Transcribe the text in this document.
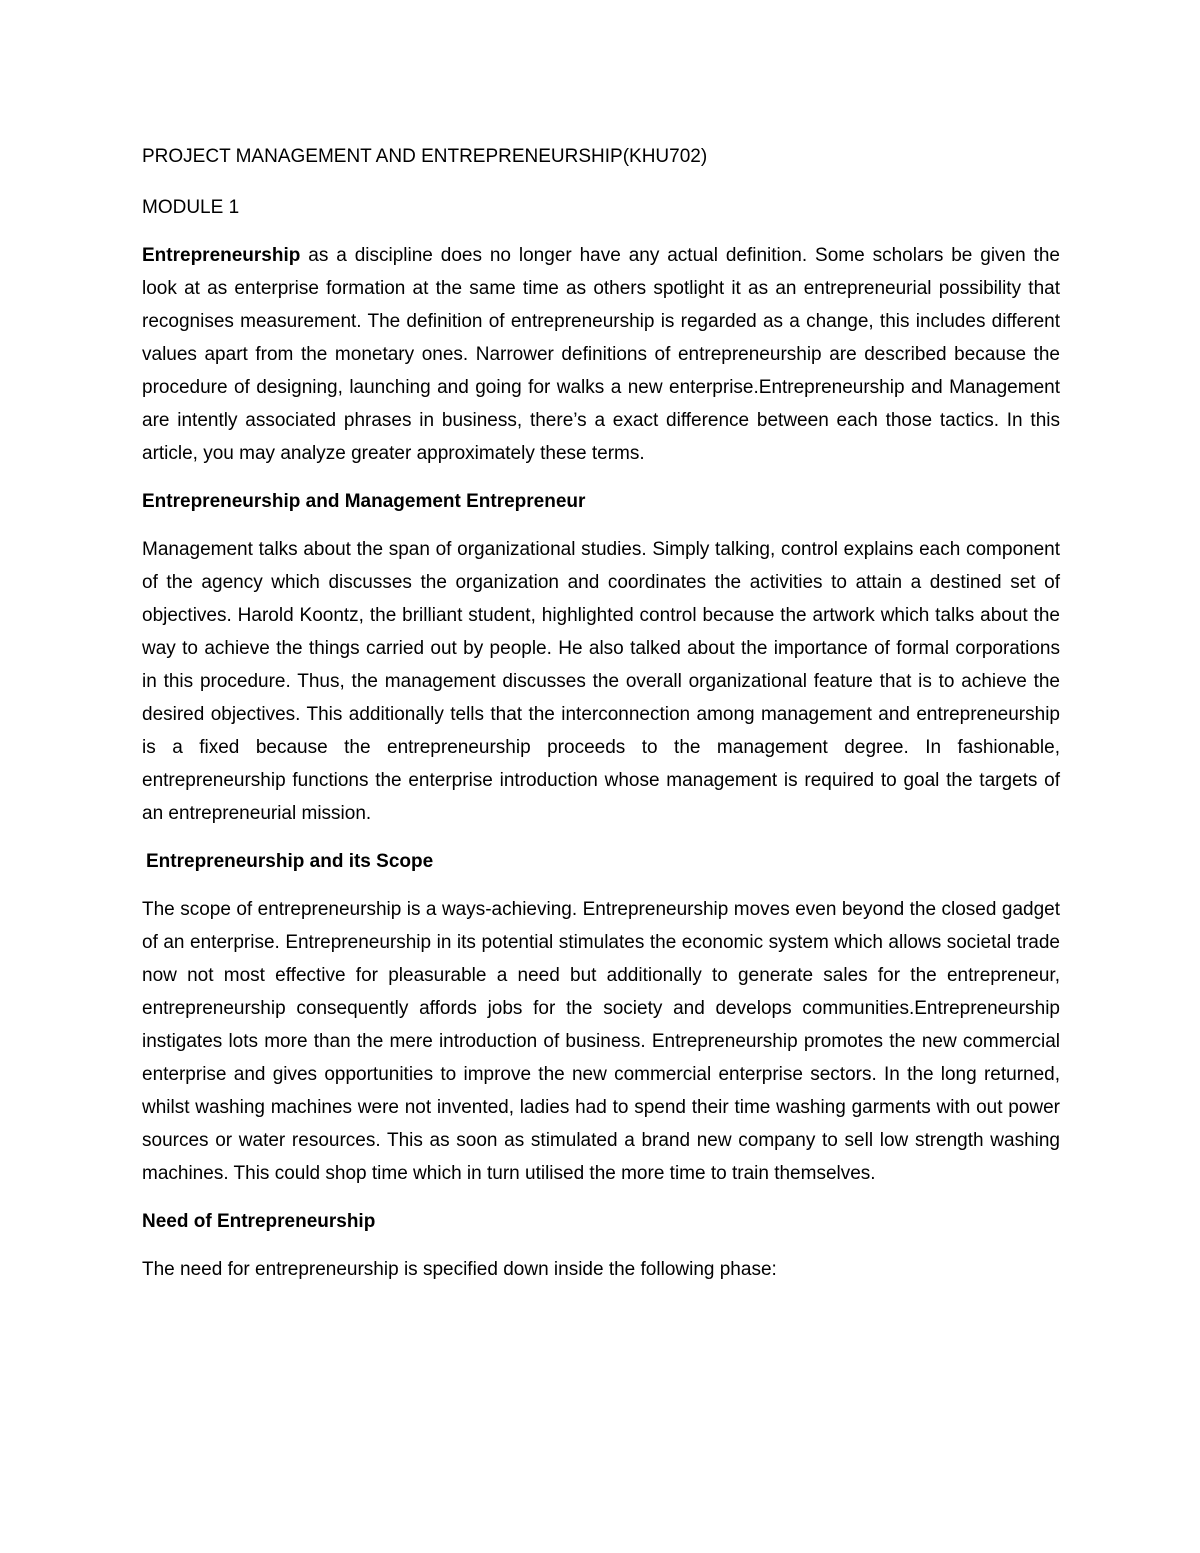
PROJECT MANAGEMENT AND ENTREPRENEURSHIP(KHU702)
MODULE 1

Entrepreneurship as a discipline does no longer have any actual definition. Some scholars be given the look at as enterprise formation at the same time as others spotlight it as an entrepreneurial possibility that recognises measurement. The definition of entrepreneurship is regarded as a change, this includes different values apart from the monetary ones. Narrower definitions of entrepreneurship are described because the procedure of designing, launching and going for walks a new enterprise.Entrepreneurship and Management are intently associated phrases in business, there’s a exact difference between each those tactics. In this article, you may analyze greater approximately these terms.

Entrepreneurship and Management Entrepreneur

Management talks about the span of organizational studies. Simply talking, control explains each component of the agency which discusses the organization and coordinates the activities to attain a destined set of objectives. Harold Koontz, the brilliant student, highlighted control because the artwork which talks about the way to achieve the things carried out by people. He also talked about the importance of formal corporations in this procedure. Thus, the management discusses the overall organizational feature that is to achieve the desired objectives. This additionally tells that the interconnection among management and entrepreneurship is a fixed because the entrepreneurship proceeds to the management degree. In fashionable, entrepreneurship functions the enterprise introduction whose management is required to goal the targets of an entrepreneurial mission.

Entrepreneurship and its Scope

The scope of entrepreneurship is a ways-achieving. Entrepreneurship moves even beyond the closed gadget of an enterprise. Entrepreneurship in its potential stimulates the economic system which allows societal trade now not most effective for pleasurable a need but additionally to generate sales for the entrepreneur, entrepreneurship consequently affords jobs for the society and develops communities.Entrepreneurship instigates lots more than the mere introduction of business. Entrepreneurship promotes the new commercial enterprise and gives opportunities to improve the new commercial enterprise sectors. In the long returned, whilst washing machines were not invented, ladies had to spend their time washing garments with out power sources or water resources. This as soon as stimulated a brand new company to sell low strength washing machines. This could shop time which in turn utilised the more time to train themselves.

Need of Entrepreneurship

The need for entrepreneurship is specified down inside the following phase:
